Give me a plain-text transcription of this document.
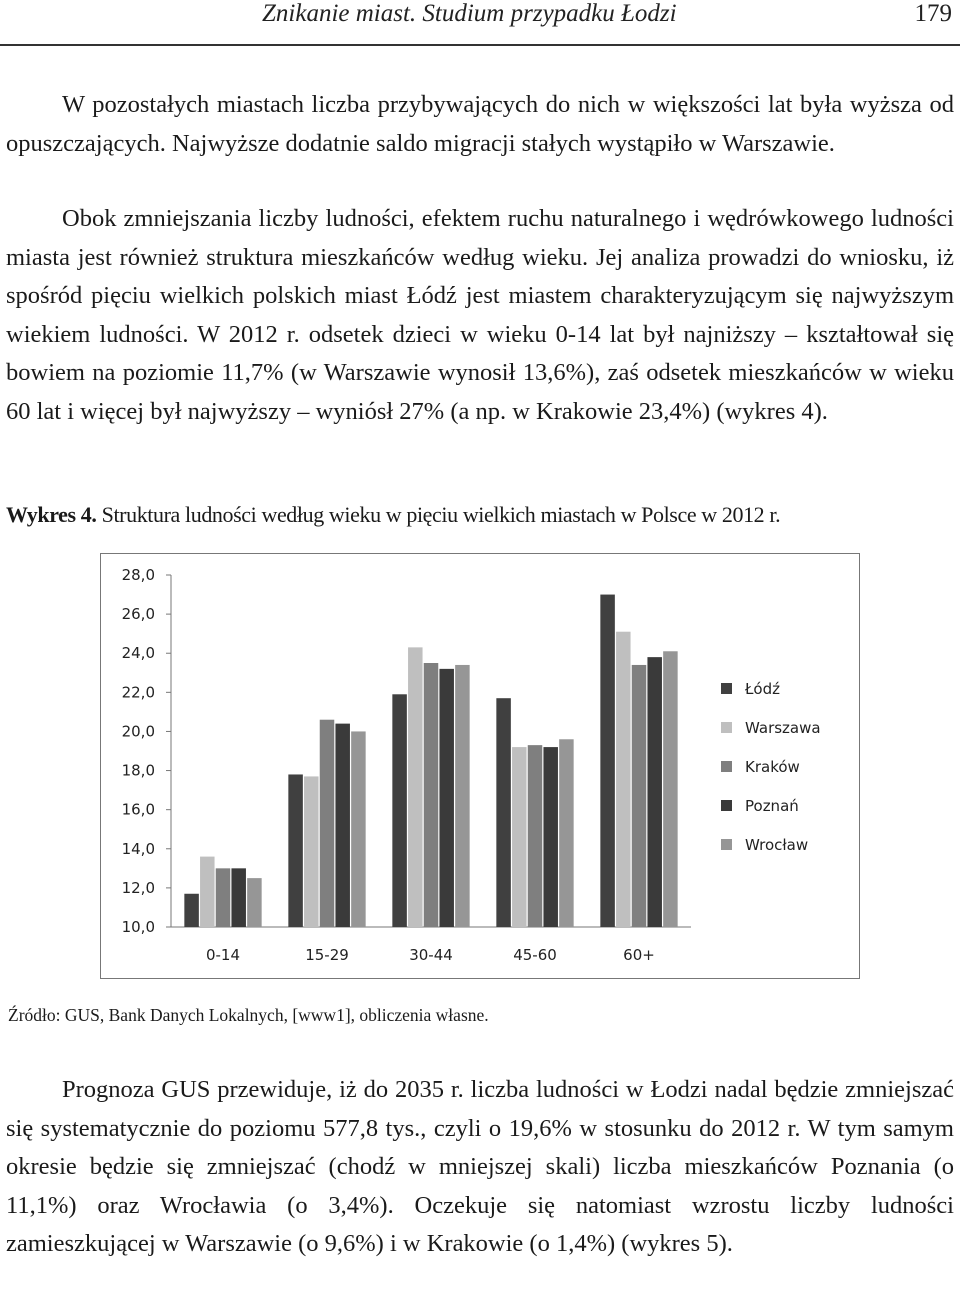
Znikanie miast. Studium przypadku Łodzi	179

W pozostałych miastach liczba przybywających do nich w większości lat była wyższa od opuszczających. Najwyższe dodatnie saldo migracji stałych wystąpiło w Warszawie.

Obok zmniejszania liczby ludności, efektem ruchu naturalnego i wędrówkowego ludności miasta jest również struktura mieszkańców według wieku. Jej analiza prowadzi do wniosku, iż spośród pięciu wielkich polskich miast Łódź jest miastem charakteryzującym się najwyższym wiekiem ludności. W 2012 r. odsetek dzieci w wieku 0-14 lat był najniższy – kształtował się bowiem na poziomie 11,7% (w Warszawie wynosił 13,6%), zaś odsetek mieszkańców w wieku 60 lat i więcej był najwyższy – wyniósł 27% (a np. w Krakowie 23,4%) (wykres 4).

Wykres 4. Struktura ludności według wieku w pięciu wielkich miastach w Polsce w 2012 r.
10,0
12,0
14,0
16,0
18,0
20,0
22,0
24,0
26,0
28,0
0-14	15-29	30-44	45-60	60+
Łódź
Warszawa
Kraków
Poznań
Wrocław
Źródło: GUS, Bank Danych Lokalnych, [www1], obliczenia własne.

Prognoza GUS przewiduje, iż do 2035 r. liczba ludności w Łodzi nadal będzie zmniejszać się systematycznie do poziomu 577,8 tys., czyli o 19,6% w stosunku do 2012 r. W tym samym okresie będzie się zmniejszać (chodź w mniejszej skali) liczba mieszkańców Poznania (o 11,1%) oraz Wrocławia (o 3,4%). Oczekuje się natomiast wzrostu liczby ludności zamieszkującej w Warszawie (o 9,6%) i w Krakowie (o 1,4%) (wykres 5).
